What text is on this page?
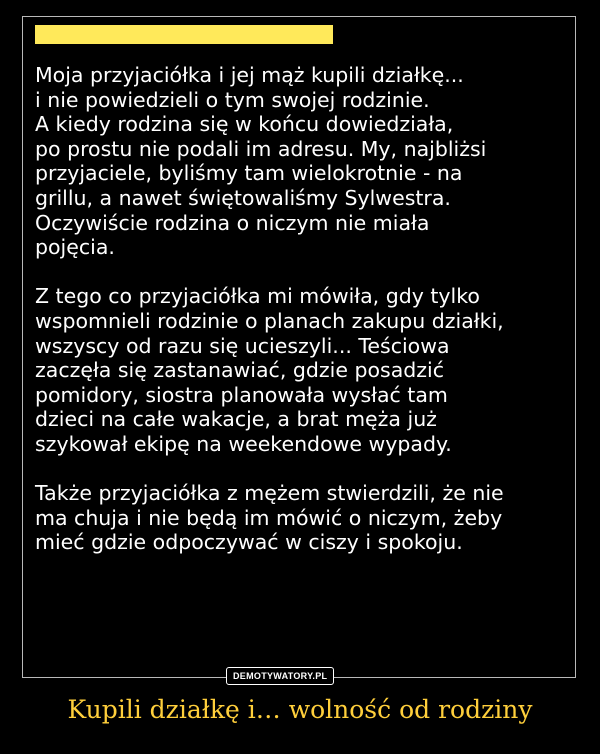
Moja przyjaciółka i jej mąż kupili działkę...
i nie powiedzieli o tym swojej rodzinie.
A kiedy rodzina się w końcu dowiedziała,
po prostu nie podali im adresu. My, najbliżsi
przyjaciele, byliśmy tam wielokrotnie - na
grillu, a nawet świętowaliśmy Sylwestra.
Oczywiście rodzina o niczym nie miała
pojęcia.
Z tego co przyjaciółka mi mówiła, gdy tylko
wspomnieli rodzinie o planach zakupu działki,
wszyscy od razu się ucieszyli... Teściowa
zaczęła się zastanawiać, gdzie posadzić
pomidory, siostra planowała wysłać tam
dzieci na całe wakacje, a brat męża już
szykował ekipę na weekendowe wypady.
Także przyjaciółka z mężem stwierdzili, że nie
ma chuja i nie będą im mówić o niczym, żeby
mieć gdzie odpoczywać w ciszy i spokoju.
DEMOTYWATORY.PL
Kupili działkę i… wolność od rodziny
